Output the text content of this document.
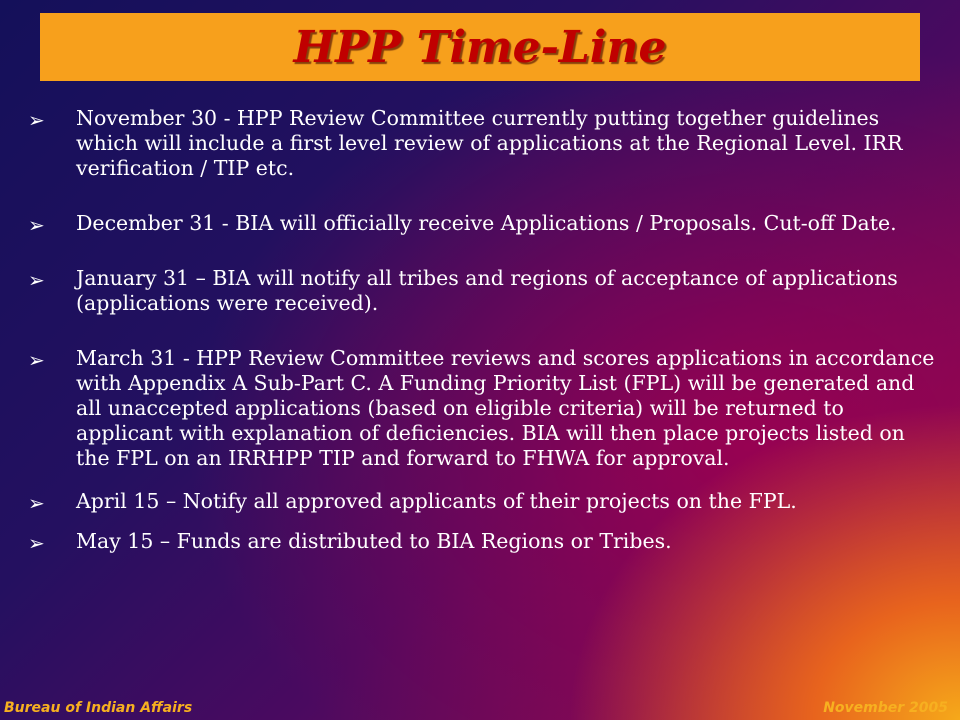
HPP Time-Line
➢ November 30 - HPP Review Committee currently putting together guidelines which will include a first level review of applications at the Regional Level. IRR verification / TIP etc.
➢ December 31 - BIA will officially receive Applications / Proposals. Cut-off Date.
➢ January 31 – BIA will notify all tribes and regions of acceptance of applications (applications were received).
➢ March 31 - HPP Review Committee reviews and scores applications in accordance with Appendix A Sub-Part C. A Funding Priority List (FPL) will be generated and all unaccepted applications (based on eligible criteria) will be returned to applicant with explanation of deficiencies. BIA will then place projects listed on the FPL on an IRRHPP TIP and forward to FHWA for approval.
➢ April 15 – Notify all approved applicants of their projects on the FPL.
➢ May 15 – Funds are distributed to BIA Regions or Tribes.
Bureau of Indian Affairs	November 2005
